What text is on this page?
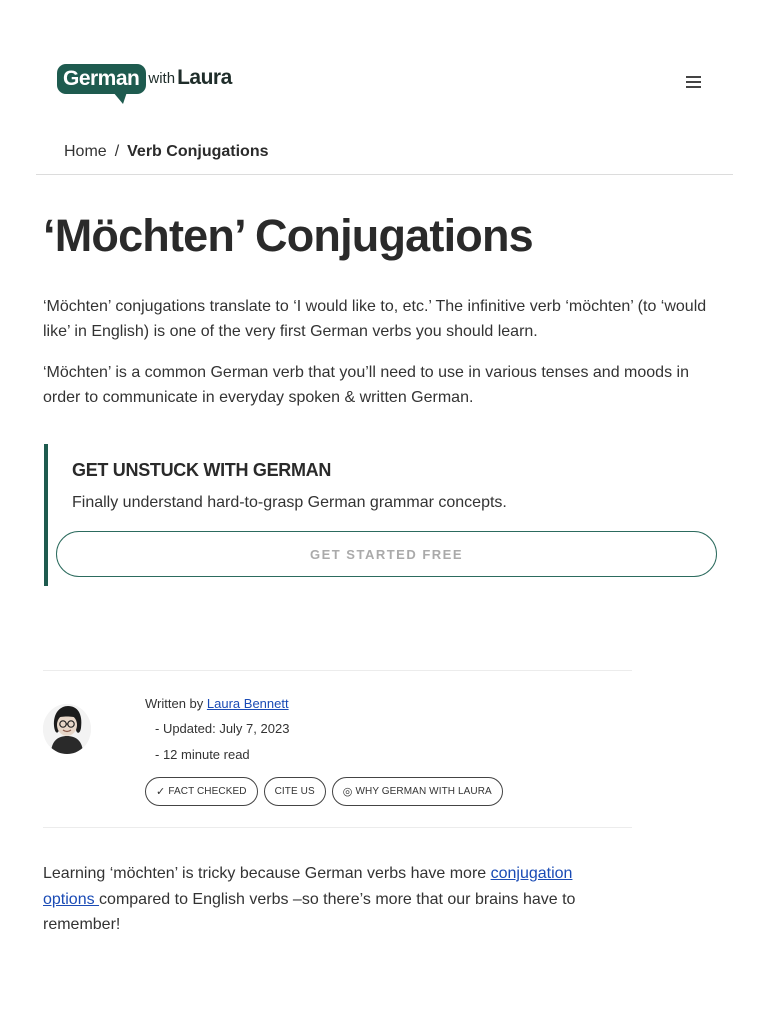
German with Laura
Home / Verb Conjugations
‘Möchten’ Conjugations

‘Möchten’ conjugations translate to ‘I would like to, etc.’ The infinitive verb ‘möchten’ (to ‘would like’ in English) is one of the very first German verbs you should learn.

‘Möchten’ is a common German verb that you’ll need to use in various tenses and moods in order to communicate in everyday spoken & written German.

GET UNSTUCK WITH GERMAN
Finally understand hard-to-grasp German grammar concepts.
GET STARTED FREE
Written by Laura Bennett
- Updated: July 7, 2023
- 12 minute read
✓ FACT CHECKED	CITE US	◎ WHY GERMAN WITH LAURA

Learning ‘möchten’ is tricky because German verbs have more conjugation options compared to English verbs –so there’s more that our brains have to remember!
